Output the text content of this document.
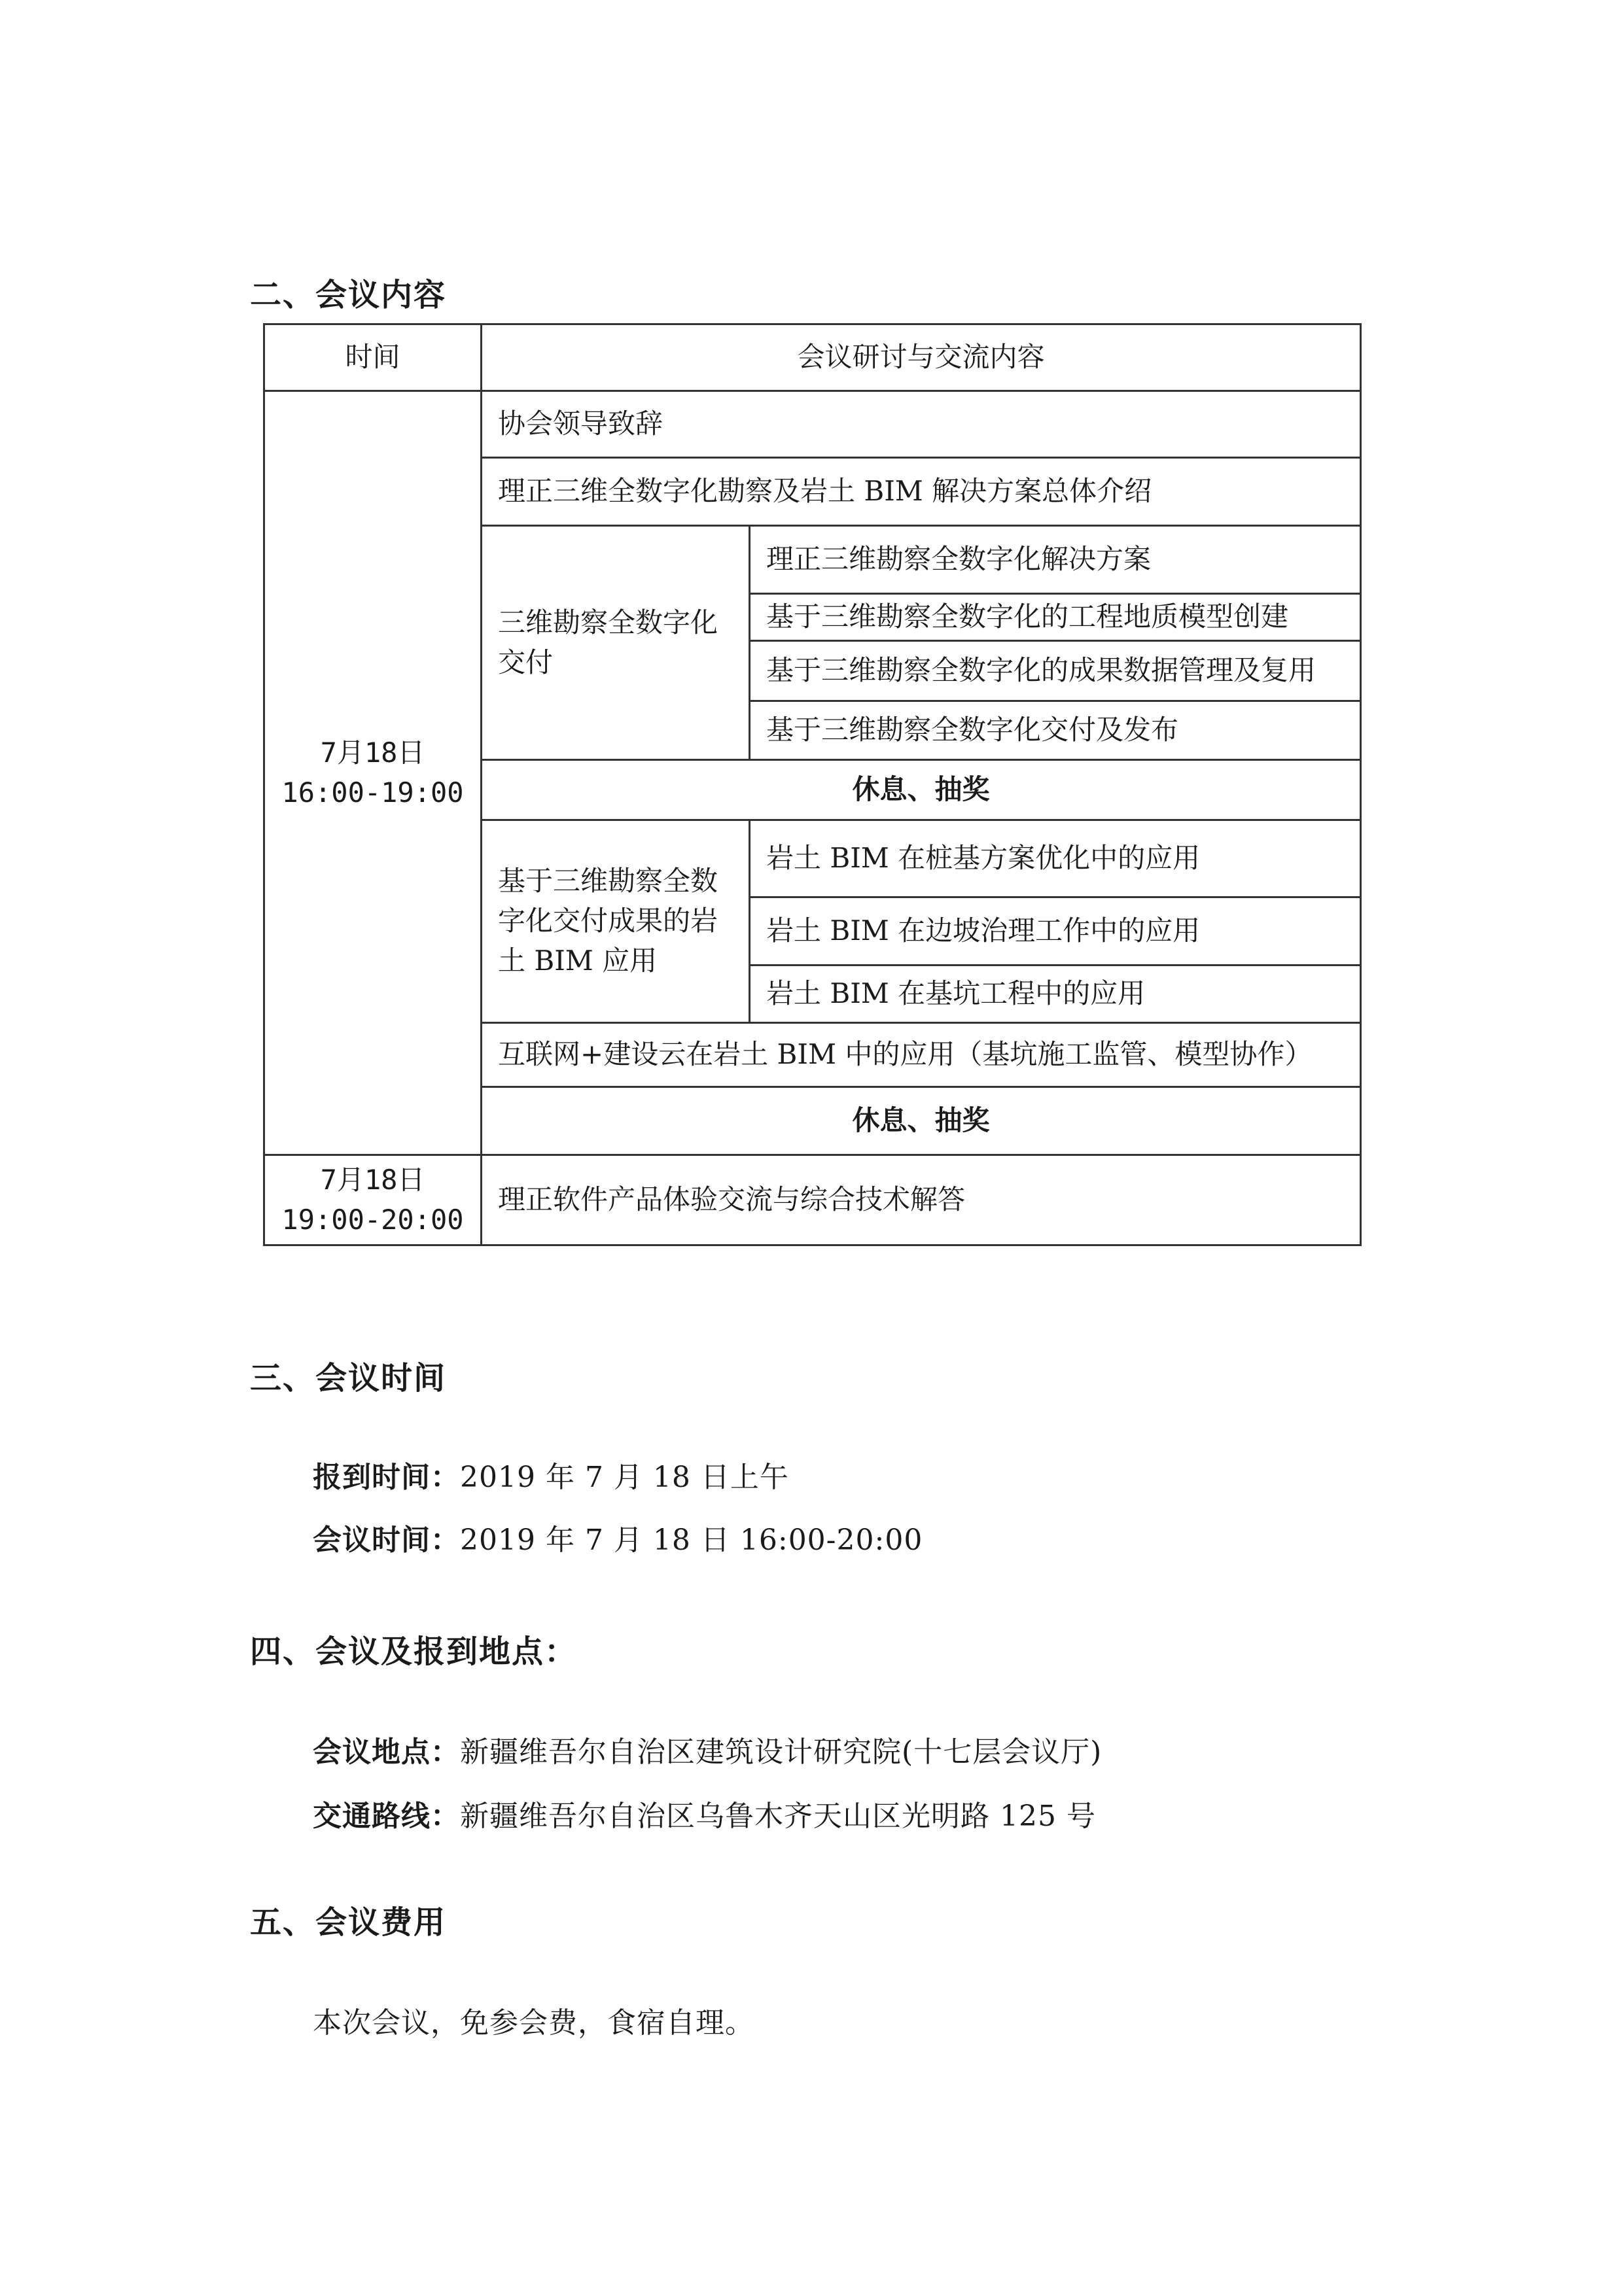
二、会议内容
时间	会议研讨与交流内容	

7月18日
16:00-19:00	协会领导致辞	
	理正三维全数字化勘察及岩土 BIM 解决方案总体介绍	
	三维勘察全数字化交付	理正三维勘察全数字化解决方案
		基于三维勘察全数字化的工程地质模型创建
		基于三维勘察全数字化的成果数据管理及复用
		基于三维勘察全数字化交付及发布
	休息、抽奖	
	基于三维勘察全数字化交付成果的岩土 BIM 应用	岩土 BIM 在桩基方案优化中的应用
		岩土 BIM 在边坡治理工作中的应用
		岩土 BIM 在基坑工程中的应用
	互联网+建设云在岩土 BIM 中的应用（基坑施工监管、模型协作）	
	休息、抽奖	

7月18日
19:00-20:00	理正软件产品体验交流与综合技术解答	
三、会议时间
报到时间：2019 年 7 月 18 日上午
会议时间：2019 年 7 月 18 日 16:00-20:00
四、会议及报到地点：
会议地点：新疆维吾尔自治区建筑设计研究院(十七层会议厅)
交通路线：新疆维吾尔自治区乌鲁木齐天山区光明路 125 号
五、会议费用
本次会议，免参会费，食宿自理。
